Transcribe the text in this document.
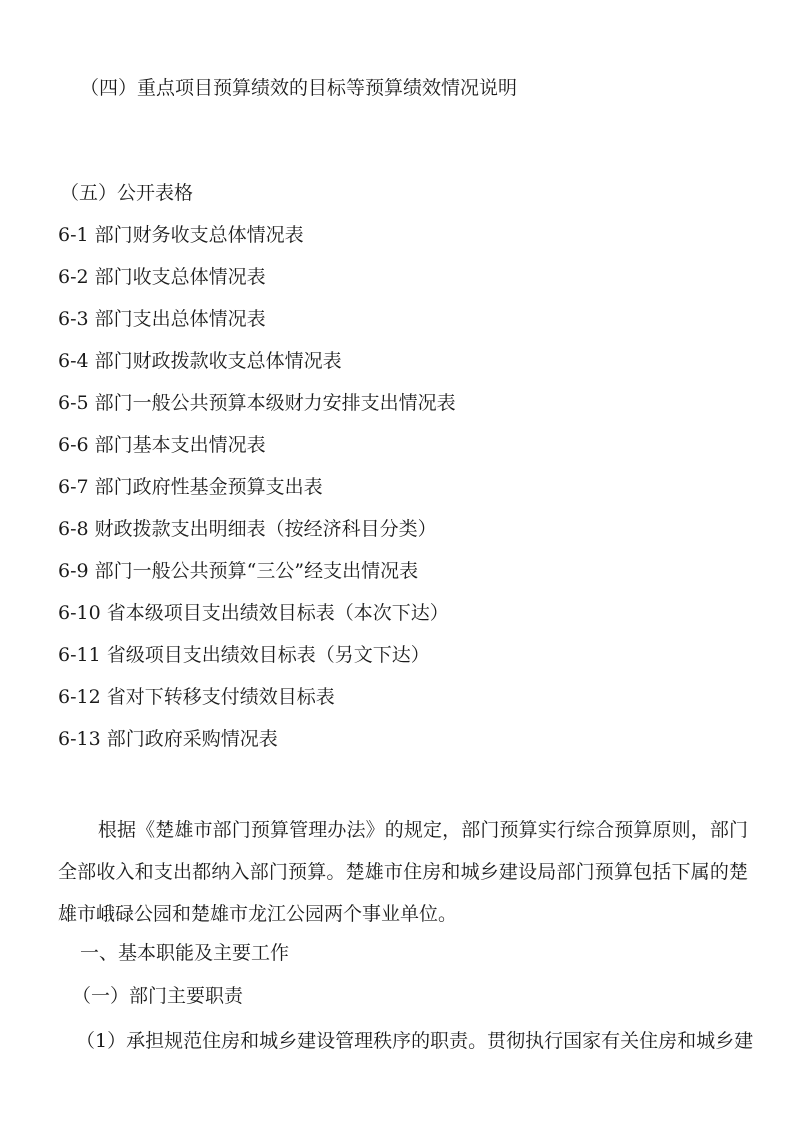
（四）重点项目预算绩效的目标等预算绩效情况说明
（五）公开表格
6-1 部门财务收支总体情况表
6-2 部门收支总体情况表
6-3 部门支出总体情况表
6-4 部门财政拨款收支总体情况表
6-5 部门一般公共预算本级财力安排支出情况表
6-6 部门基本支出情况表
6-7 部门政府性基金预算支出表
6-8 财政拨款支出明细表（按经济科目分类）
6-9 部门一般公共预算“三公”经支出情况表
6-10 省本级项目支出绩效目标表（本次下达）
6-11 省级项目支出绩效目标表（另文下达）
6-12 省对下转移支付绩效目标表
6-13 部门政府采购情况表
根据《楚雄市部门预算管理办法》的规定，部门预算实行综合预算原则，部门全部收入和支出都纳入部门预算。楚雄市住房和城乡建设局部门预算包括下属的楚雄市峨碌公园和楚雄市龙江公园两个事业单位。
一、基本职能及主要工作
（一）部门主要职责
（1）承担规范住房和城乡建设管理秩序的职责。贯彻执行国家有关住房和城乡建
